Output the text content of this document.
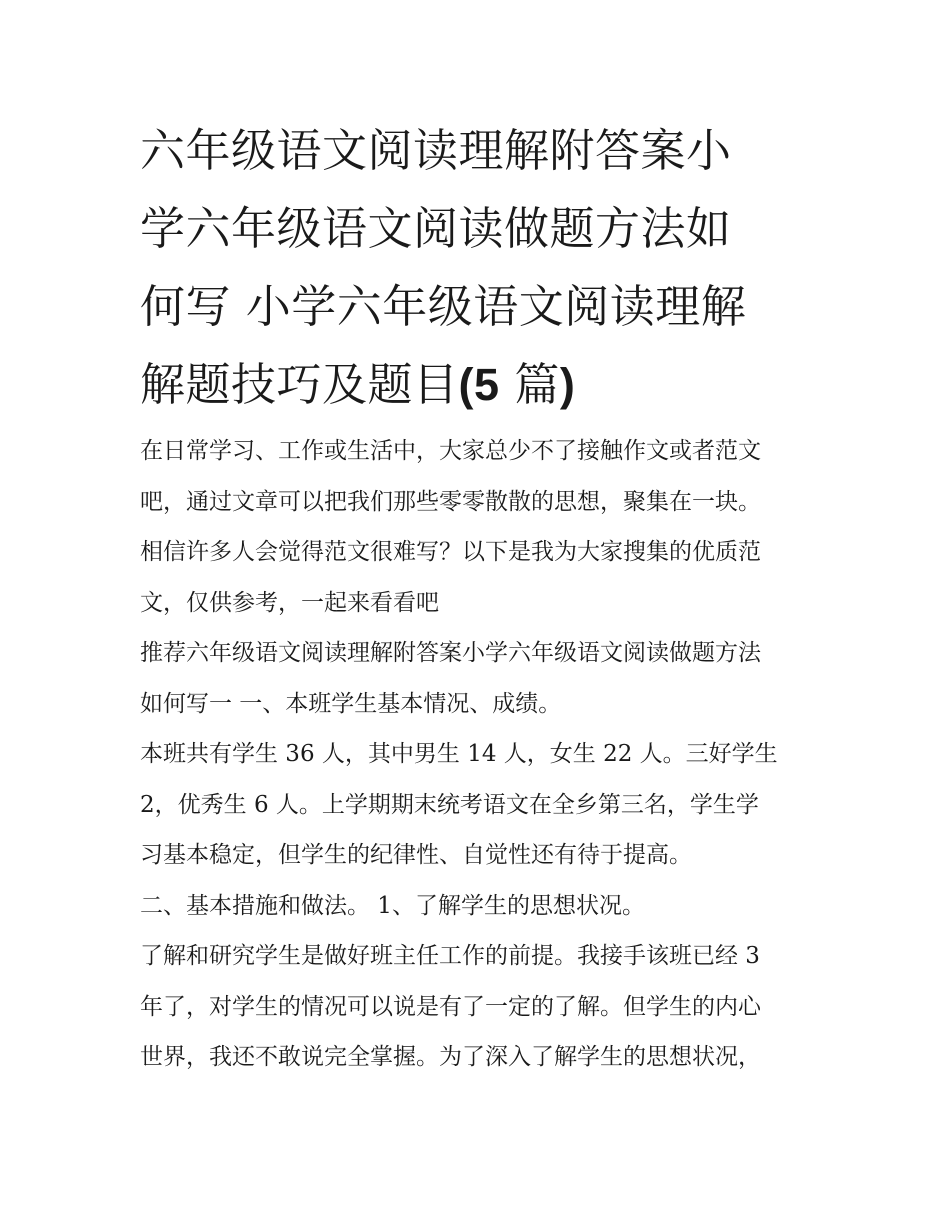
六年级语文阅读理解附答案小
学六年级语文阅读做题方法如
何写 小学六年级语文阅读理解
解题技巧及题目(5 篇)
在日常学习、工作或生活中，大家总少不了接触作文或者范文
吧，通过文章可以把我们那些零零散散的思想，聚集在一块。
相信许多人会觉得范文很难写？以下是我为大家搜集的优质范
文，仅供参考，一起来看看吧
推荐六年级语文阅读理解附答案小学六年级语文阅读做题方法
如何写一 一、本班学生基本情况、成绩。
本班共有学生 36 人，其中男生 14 人，女生 22 人。三好学生
2，优秀生 6 人。上学期期末统考语文在全乡第三名，学生学
习基本稳定，但学生的纪律性、自觉性还有待于提高。
二、基本措施和做法。 1、了解学生的思想状况。
了解和研究学生是做好班主任工作的前提。我接手该班已经 3
年了，对学生的情况可以说是有了一定的了解。但学生的内心
世界，我还不敢说完全掌握。为了深入了解学生的思想状况，
